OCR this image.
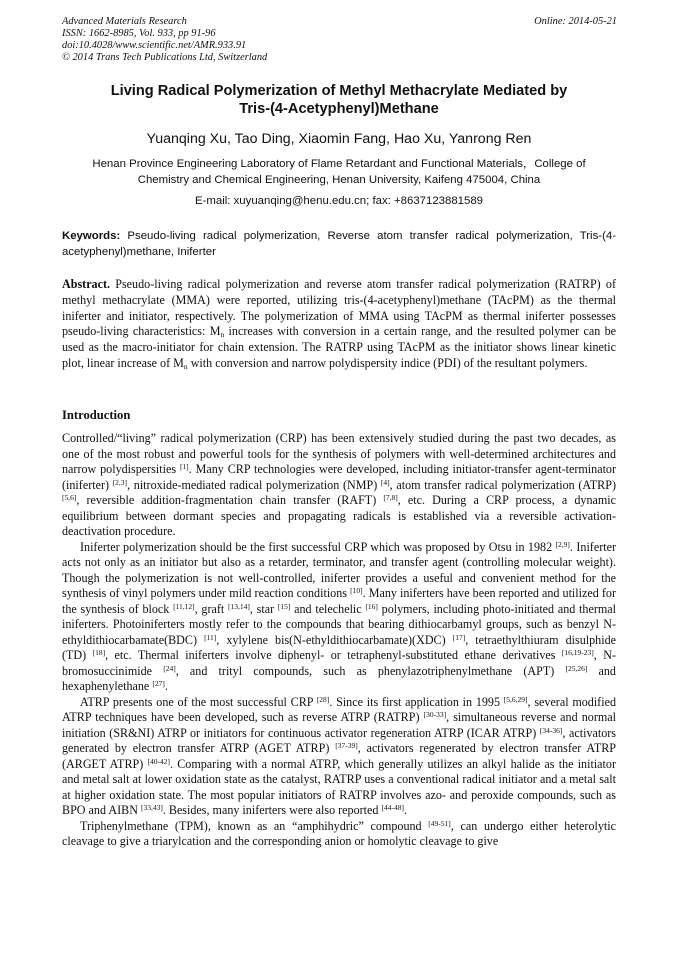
Advanced Materials Research
ISSN: 1662-8985, Vol. 933, pp 91-96
doi:10.4028/www.scientific.net/AMR.933.91
© 2014 Trans Tech Publications Ltd, Switzerland
Online: 2014-05-21
Living Radical Polymerization of Methyl Methacrylate Mediated by
Tris-(4-Acetyphenyl)Methane
Yuanqing Xu, Tao Ding, Xiaomin Fang, Hao Xu, Yanrong Ren
Henan Province Engineering Laboratory of Flame Retardant and Functional Materials，College of
Chemistry and Chemical Engineering, Henan University, Kaifeng 475004, China
E-mail: xuyuanqing@henu.edu.cn; fax: +8637123881589
Keywords: Pseudo-living radical polymerization, Reverse atom transfer radical polymerization, Tris-(4-acetyphenyl)methane, Iniferter
Abstract. Pseudo-living radical polymerization and reverse atom transfer radical polymerization (RATRP) of methyl methacrylate (MMA) were reported, utilizing tris-(4-acetyphenyl)methane (TAcPM) as the thermal iniferter and initiator, respectively. The polymerization of MMA using TAcPM as thermal iniferter possesses pseudo-living characteristics: $M_n$ increases with conversion in a certain range, and the resulted polymer can be used as the macro-initiator for chain extension. The RATRP using TAcPM as the initiator shows linear kinetic plot, linear increase of $M_n$ with conversion and narrow polydispersity indice (PDI) of the resultant polymers.
Introduction

Controlled/“living” radical polymerization (CRP) has been extensively studied during the past two decades, as one of the most robust and powerful tools for the synthesis of polymers with well-determined architectures and narrow polydispersities [1]. Many CRP technologies were developed, including initiator-transfer agent-terminator (iniferter) [2,3], nitroxide-mediated radical polymerization (NMP) [4], atom transfer radical polymerization (ATRP) [5,6], reversible addition-fragmentation chain transfer (RAFT) [7,8], etc. During a CRP process, a dynamic equilibrium between dormant species and propagating radicals is established via a reversible activation-deactivation procedure.

Iniferter polymerization should be the first successful CRP which was proposed by Otsu in 1982 [2,9]. Iniferter acts not only as an initiator but also as a retarder, terminator, and transfer agent (controlling molecular weight). Though the polymerization is not well-controlled, iniferter provides a useful and convenient method for the synthesis of vinyl polymers under mild reaction conditions [10]. Many iniferters have been reported and utilized for the synthesis of block [11,12], graft [13,14], star [15] and telechelic [16] polymers, including photo-initiated and thermal iniferters. Photoiniferters mostly refer to the compounds that bearing dithiocarbamyl groups, such as benzyl N-ethyldithiocarbamate(BDC) [11], xylylene bis(N-ethyldithiocarbamate)(XDC) [17], tetraethylthiuram disulphide (TD) [18], etc. Thermal iniferters involve diphenyl- or tetraphenyl-substituted ethane derivatives [16,19-23], N-bromosuccinimide [24], and trityl compounds, such as phenylazotriphenylmethane (APT) [25,26] and hexaphenylethane [27].

ATRP presents one of the most successful CRP [28]. Since its first application in 1995 [5,6,29], several modified ATRP techniques have been developed, such as reverse ATRP (RATRP) [30-33], simultaneous reverse and normal initiation (SR&NI) ATRP or initiators for continuous activator regeneration ATRP (ICAR ATRP) [34-36], activators generated by electron transfer ATRP (AGET ATRP) [37-39], activators regenerated by electron transfer ATRP (ARGET ATRP) [40-42]. Comparing with a normal ATRP, which generally utilizes an alkyl halide as the initiator and metal salt at lower oxidation state as the catalyst, RATRP uses a conventional radical initiator and a metal salt at higher oxidation state. The most popular initiators of RATRP involves azo- and peroxide compounds, such as BPO and AIBN [33,43]. Besides, many iniferters were also reported [44-48].

Triphenylmethane (TPM), known as an “amphihydric” compound [49-51], can undergo either heterolytic cleavage to give a triarylcation and the corresponding anion or homolytic cleavage to give
